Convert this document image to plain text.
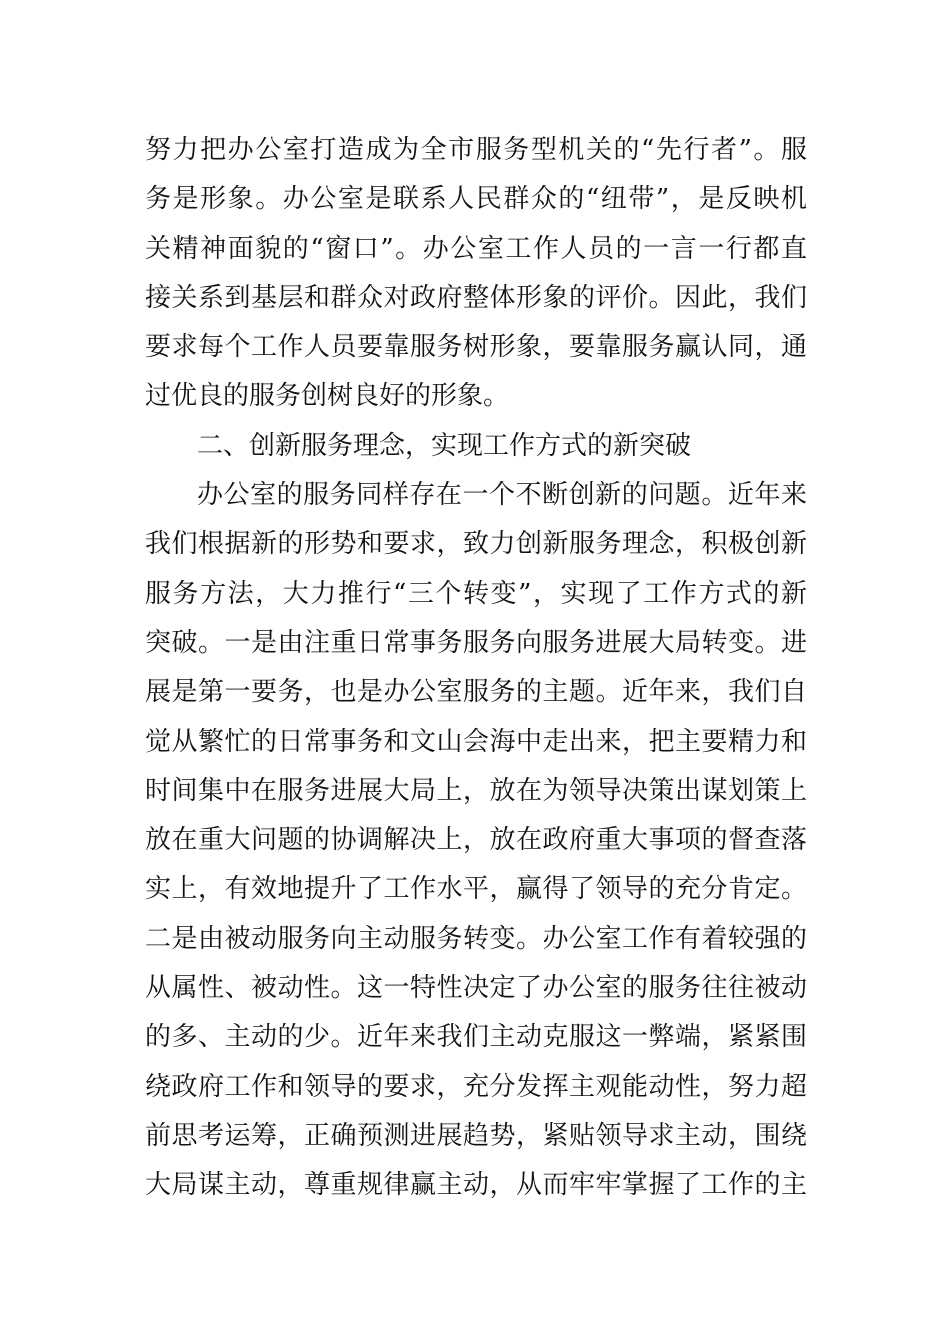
努力把办公室打造成为全市服务型机关的“先行者”。服
务是形象。办公室是联系人民群众的“纽带”，是反映机
关精神面貌的“窗口”。办公室工作人员的一言一行都直
接关系到基层和群众对政府整体形象的评价。因此，我们
要求每个工作人员要靠服务树形象，要靠服务赢认同，通
过优良的服务创树良好的形象。
二、创新服务理念，实现工作方式的新突破
办公室的服务同样存在一个不断创新的问题。近年来
我们根据新的形势和要求，致力创新服务理念，积极创新
服务方法，大力推行“三个转变”，实现了工作方式的新
突破。一是由注重日常事务服务向服务进展大局转变。进
展是第一要务，也是办公室服务的主题。近年来，我们自
觉从繁忙的日常事务和文山会海中走出来，把主要精力和
时间集中在服务进展大局上，放在为领导决策出谋划策上
放在重大问题的协调解决上，放在政府重大事项的督查落
实上，有效地提升了工作水平，赢得了领导的充分肯定。
二是由被动服务向主动服务转变。办公室工作有着较强的
从属性、被动性。这一特性决定了办公室的服务往往被动
的多、主动的少。近年来我们主动克服这一弊端，紧紧围
绕政府工作和领导的要求，充分发挥主观能动性，努力超
前思考运筹，正确预测进展趋势，紧贴领导求主动，围绕
大局谋主动，尊重规律赢主动，从而牢牢掌握了工作的主
